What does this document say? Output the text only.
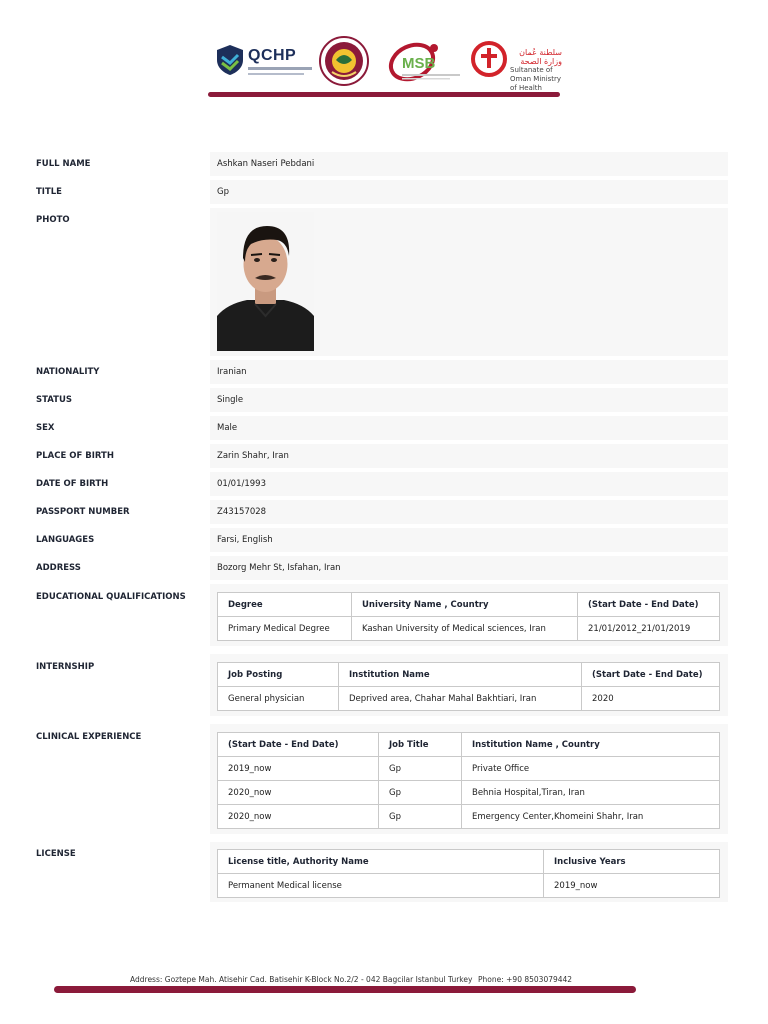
QCHP	MSB
سلطنة عُمان وزارة الصحة
Sultanate of Oman Ministry of Health
FULL NAME	Ashkan Naseri Pebdani
TITLE	Gp
PHOTO
NATIONALITY	Iranian
STATUS	Single
SEX	Male
PLACE OF BIRTH	Zarin Shahr, Iran
DATE OF BIRTH	01/01/1993
PASSPORT NUMBER	Z43157028
LANGUAGES	Farsi, English
ADDRESS	Bozorg Mehr St, Isfahan, Iran
EDUCATIONAL QUALIFICATIONS
Degree	University Name , Country	(Start Date - End Date)
Primary Medical Degree	Kashan University of Medical sciences, Iran	21/01/2012_21/01/2019
INTERNSHIP
Job Posting	Institution Name	(Start Date - End Date)
General physician	Deprived area, Chahar Mahal Bakhtiari, Iran	2020
CLINICAL EXPERIENCE
(Start Date - End Date)	Job Title	Institution Name , Country
2019_now	Gp	Private Office
2020_now	Gp	Behnia Hospital,Tiran, Iran
2020_now	Gp	Emergency Center,Khomeini Shahr, Iran
LICENSE
License title, Authority Name	Inclusive Years
Permanent Medical license	2019_now
Address: Goztepe Mah. Atisehir Cad. Batisehir K-Block No.2/2 - 042 Bagcilar Istanbul Turkey Phone: +90 8503079442
